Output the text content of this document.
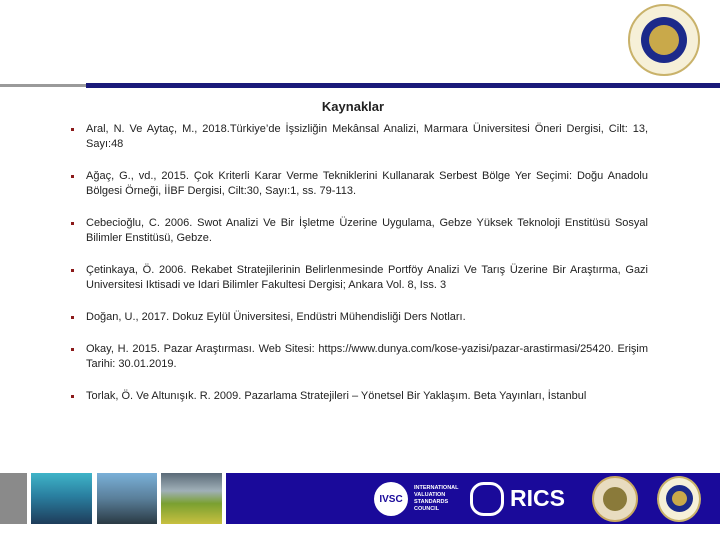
Kaynaklar
Aral, N. Ve Aytaç, M., 2018.Türkiye’de İşsizliğin Mekânsal Analizi, Marmara Üniversitesi Öneri Dergisi, Cilt: 13, Sayı:48
Ağaç, G., vd., 2015. Çok Kriterli Karar Verme Tekniklerini Kullanarak Serbest Bölge Yer Seçimi: Doğu Anadolu Bölgesi Örneği, İİBF Dergisi, Cilt:30, Sayı:1, ss. 79-113.
Cebecioğlu, C. 2006. Swot Analizi Ve Bir İşletme Üzerine Uygulama, Gebze Yüksek Teknoloji Enstitüsü Sosyal Bilimler Enstitüsü, Gebze.
Çetinkaya, Ö. 2006. Rekabet Stratejilerinin Belirlenmesinde Portföy Analizi Ve Tarış Üzerine Bir Araştırma, Gazi Universitesi Iktisadi ve Idari Bilimler Fakultesi Dergisi; Ankara Vol. 8, Iss. 3
Doğan, U., 2017. Dokuz Eylül Üniversitesi, Endüstri Mühendisliği Ders Notları.
Okay, H. 2015. Pazar Araştırması. Web Sitesi: https://www.dunya.com/kose-yazisi/pazar-arastirmasi/25420. Erişim Tarihi: 30.01.2019.
Torlak, Ö. Ve Altunışık. R. 2009. Pazarlama Stratejileri – Yönetsel Bir Yaklaşım. Beta Yayınları, İstanbul
IVSC
INTERNATIONAL VALUATION STANDARDS COUNCIL	RICS
